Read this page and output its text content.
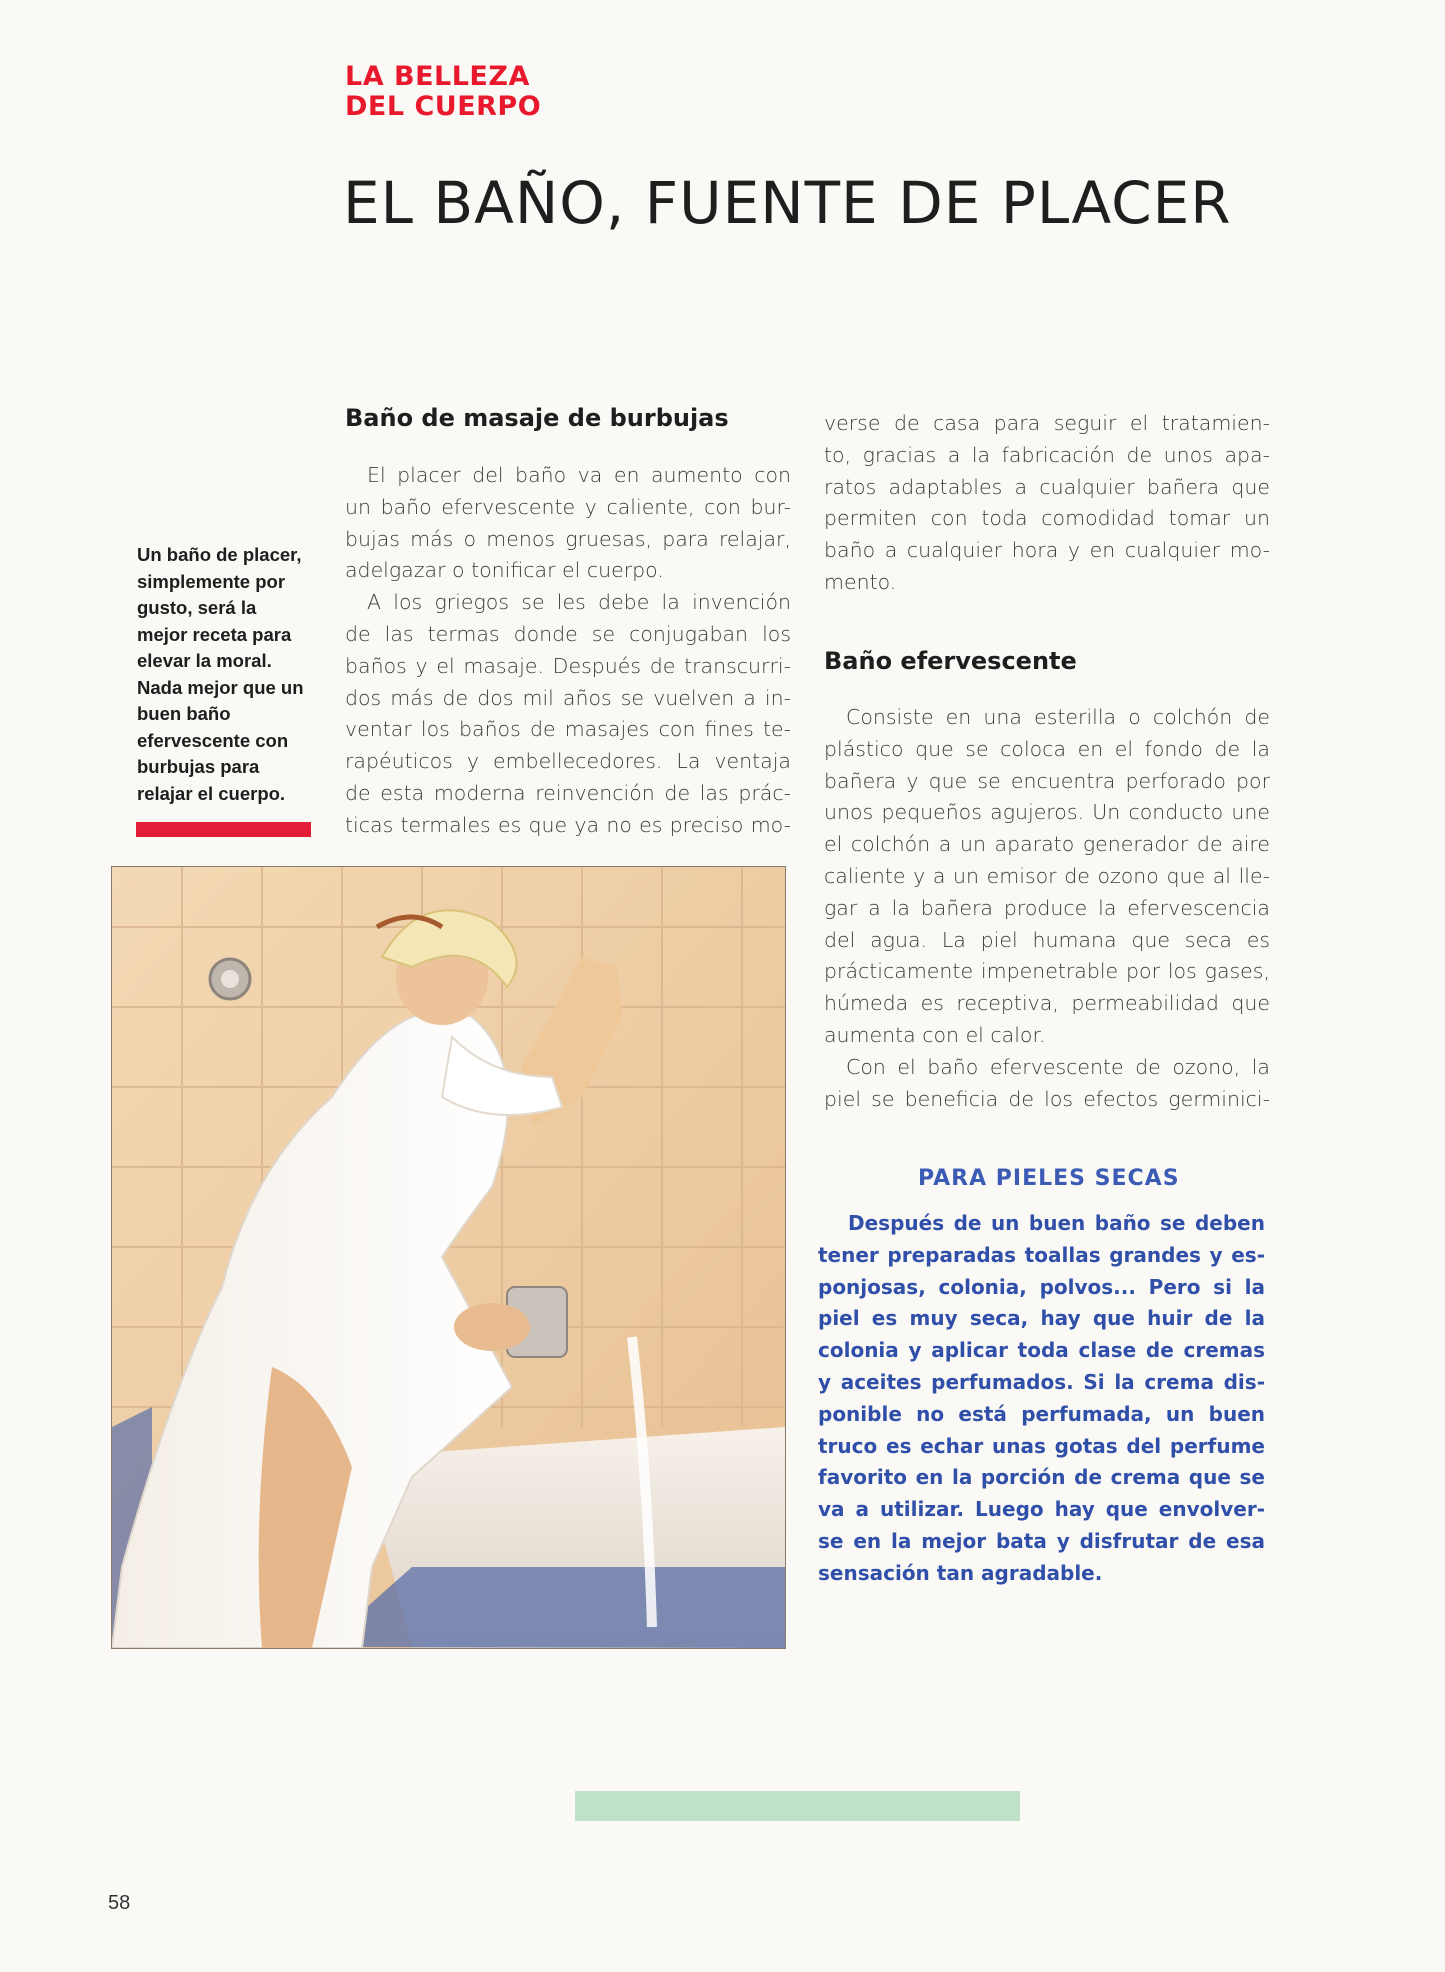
LA BELLEZA
DEL CUERPO
EL BAÑO, FUENTE DE PLACER
Un baño de placer,
simplemente por
gusto, será la
mejor receta para
elevar la moral.
Nada mejor que un
buen baño
efervescente con
burbujas para
relajar el cuerpo.
Baño de masaje de burbujas
El placer del baño va en aumento con
un baño efervescente y caliente, con bur-
bujas más o menos gruesas, para relajar,
adelgazar o tonificar el cuerpo.
A los griegos se les debe la invención
de las termas donde se conjugaban los
baños y el masaje. Después de transcurri-
dos más de dos mil años se vuelven a in-
ventar los baños de masajes con fines te-
rapéuticos y embellecedores. La ventaja
de esta moderna reinvención de las prác-
ticas termales es que ya no es preciso mo-
verse de casa para seguir el tratamien-
to, gracias a la fabricación de unos apa-
ratos adaptables a cualquier bañera que
permiten con toda comodidad tomar un
baño a cualquier hora y en cualquier mo-
mento.
Baño efervescente
Consiste en una esterilla o colchón de
plástico que se coloca en el fondo de la
bañera y que se encuentra perforado por
unos pequeños agujeros. Un conducto une
el colchón a un aparato generador de aire
caliente y a un emisor de ozono que al lle-
gar a la bañera produce la efervescencia
del agua. La piel humana que seca es
prácticamente impenetrable por los gases,
húmeda es receptiva, permeabilidad que
aumenta con el calor.
Con el baño efervescente de ozono, la
piel se beneficia de los efectos germinici-
PARA PIELES SECAS
Después de un buen baño se deben
tener preparadas toallas grandes y es-
ponjosas, colonia, polvos... Pero si la
piel es muy seca, hay que huir de la
colonia y aplicar toda clase de cremas
y aceites perfumados. Si la crema dis-
ponible no está perfumada, un buen
truco es echar unas gotas del perfume
favorito en la porción de crema que se
va a utilizar. Luego hay que envolver-
se en la mejor bata y disfrutar de esa
sensación tan agradable.
58
